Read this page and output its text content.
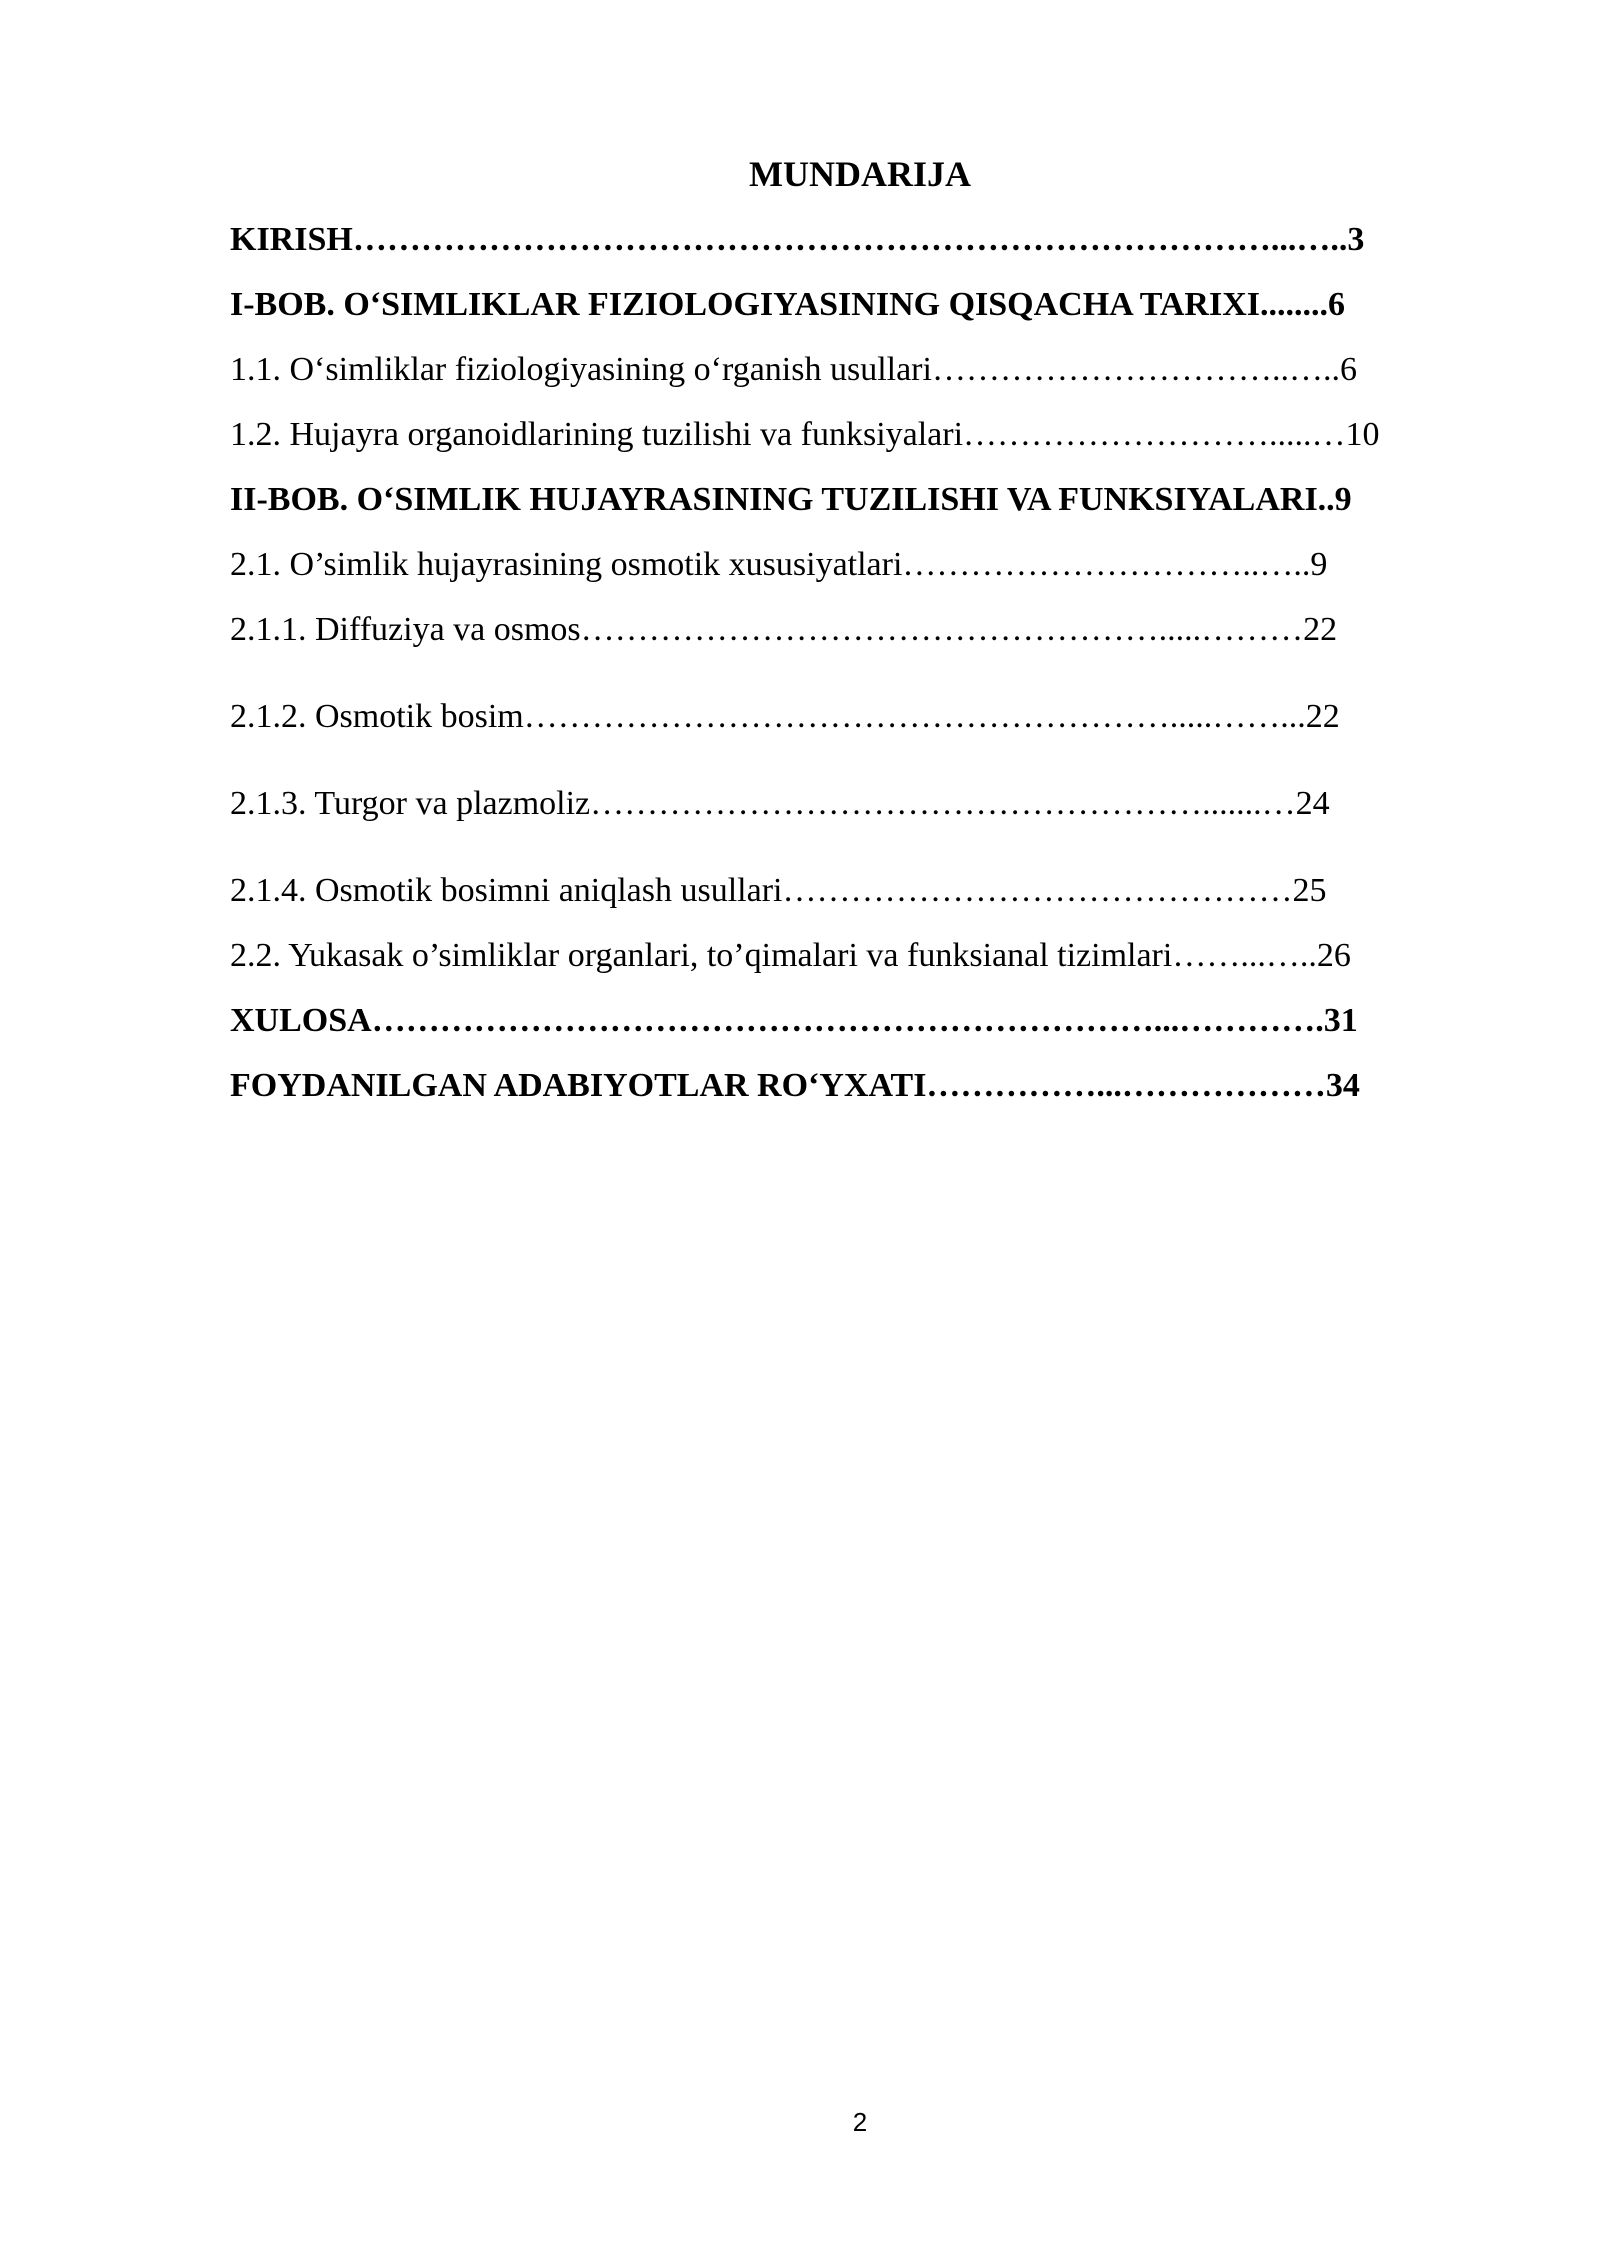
MUNDARIJA
KIRISH………………………………………………………………………...…..3
I-BOB. O‘SIMLIKLAR FIZIOLOGIYASINING QISQACHA TARIXI........6
1.1. O‘simliklar fiziologiyasining o‘rganish usullari…………………………..…..6
1.2. Hujayra organoidlarining tuzilishi va funksiyalari……………………….....…10
II-BOB. O‘SIMLIK HUJAYRASINING TUZILISHI VA FUNKSIYALARI..9
2.1. O’simlik hujayrasining osmotik xususiyatlari…………………………..…..9
2.1.1. Diffuziya va osmos…………………………………………….....………22
2.1.2. Osmotik bosim………………………………………………….....……...22
2.1.3. Turgor va plazmoliz……………………………………………….......…24
2.1.4. Osmotik bosimni aniqlash usullari………………………………………25
2.2. Yukasak o’simliklar organlari, to’qimalari va funksianal tizimlari……...…..26
XULOSA……………………………………………………………...………….31
FOYDANILGAN ADABIYOTLAR RO‘YXATI……………...………………34
2
